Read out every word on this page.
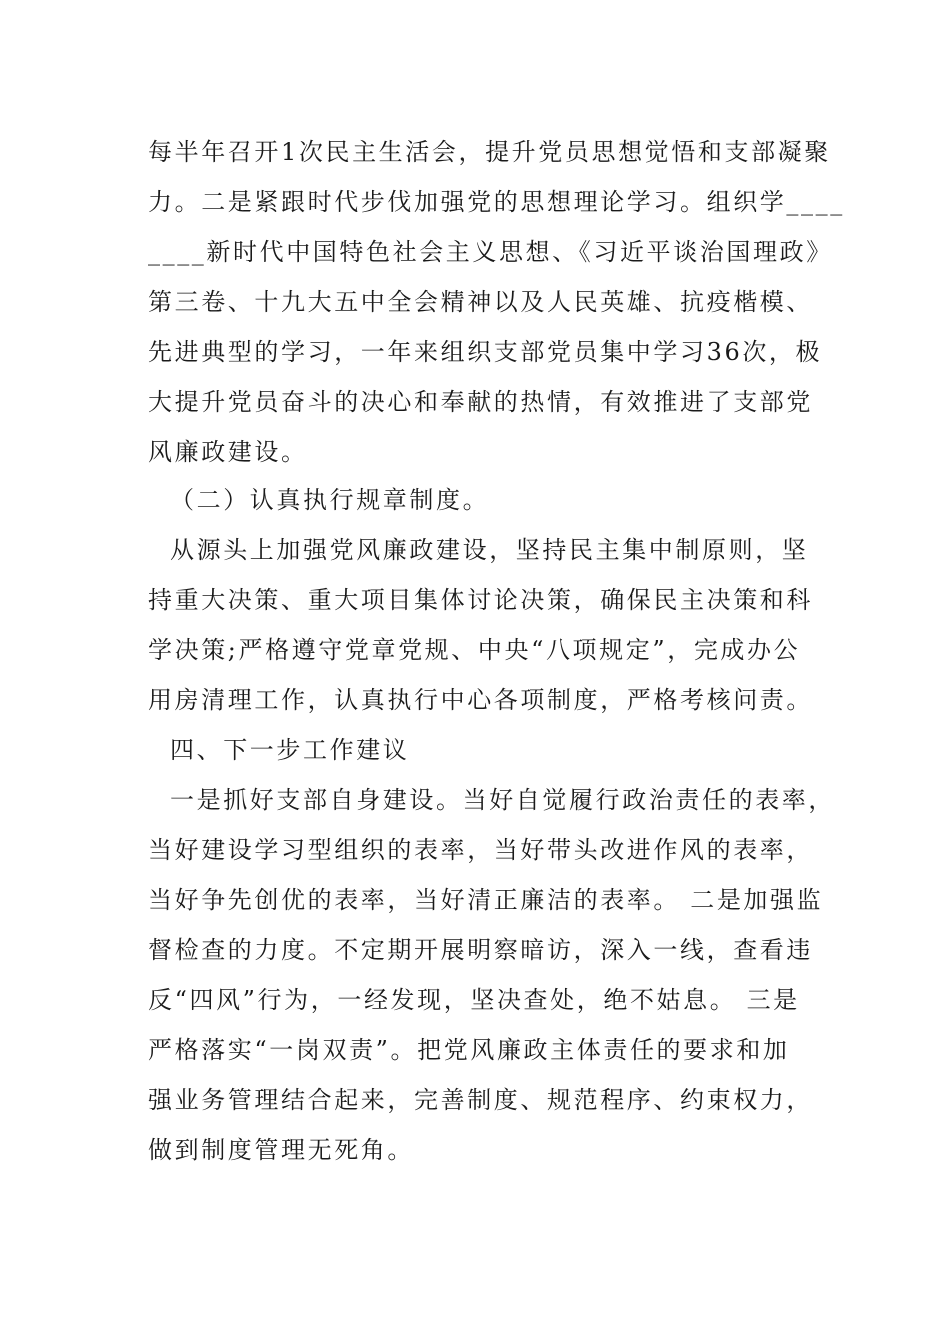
每半年召开1次民主生活会，提升党员思想觉悟和支部凝聚
力。二是紧跟时代步伐加强党的思想理论学习。组织学____
____新时代中国特色社会主义思想、《习近平谈治国理政》
第三卷、十九大五中全会精神以及人民英雄、抗疫楷模、
先进典型的学习，一年来组织支部党员集中学习36次，极
大提升党员奋斗的决心和奉献的热情，有效推进了支部党
风廉政建设。
（二）认真执行规章制度。
从源头上加强党风廉政建设，坚持民主集中制原则，坚
持重大决策、重大项目集体讨论决策，确保民主决策和科
学决策;严格遵守党章党规、中央“八项规定”，完成办公
用房清理工作，认真执行中心各项制度，严格考核问责。
四、下一步工作建议
一是抓好支部自身建设。当好自觉履行政治责任的表率，
当好建设学习型组织的表率，当好带头改进作风的表率，
当好争先创优的表率，当好清正廉洁的表率。 二是加强监
督检查的力度。不定期开展明察暗访，深入一线，查看违
反“四风”行为，一经发现，坚决查处，绝不姑息。 三是
严格落实“一岗双责”。把党风廉政主体责任的要求和加
强业务管理结合起来，完善制度、规范程序、约束权力，
做到制度管理无死角。
